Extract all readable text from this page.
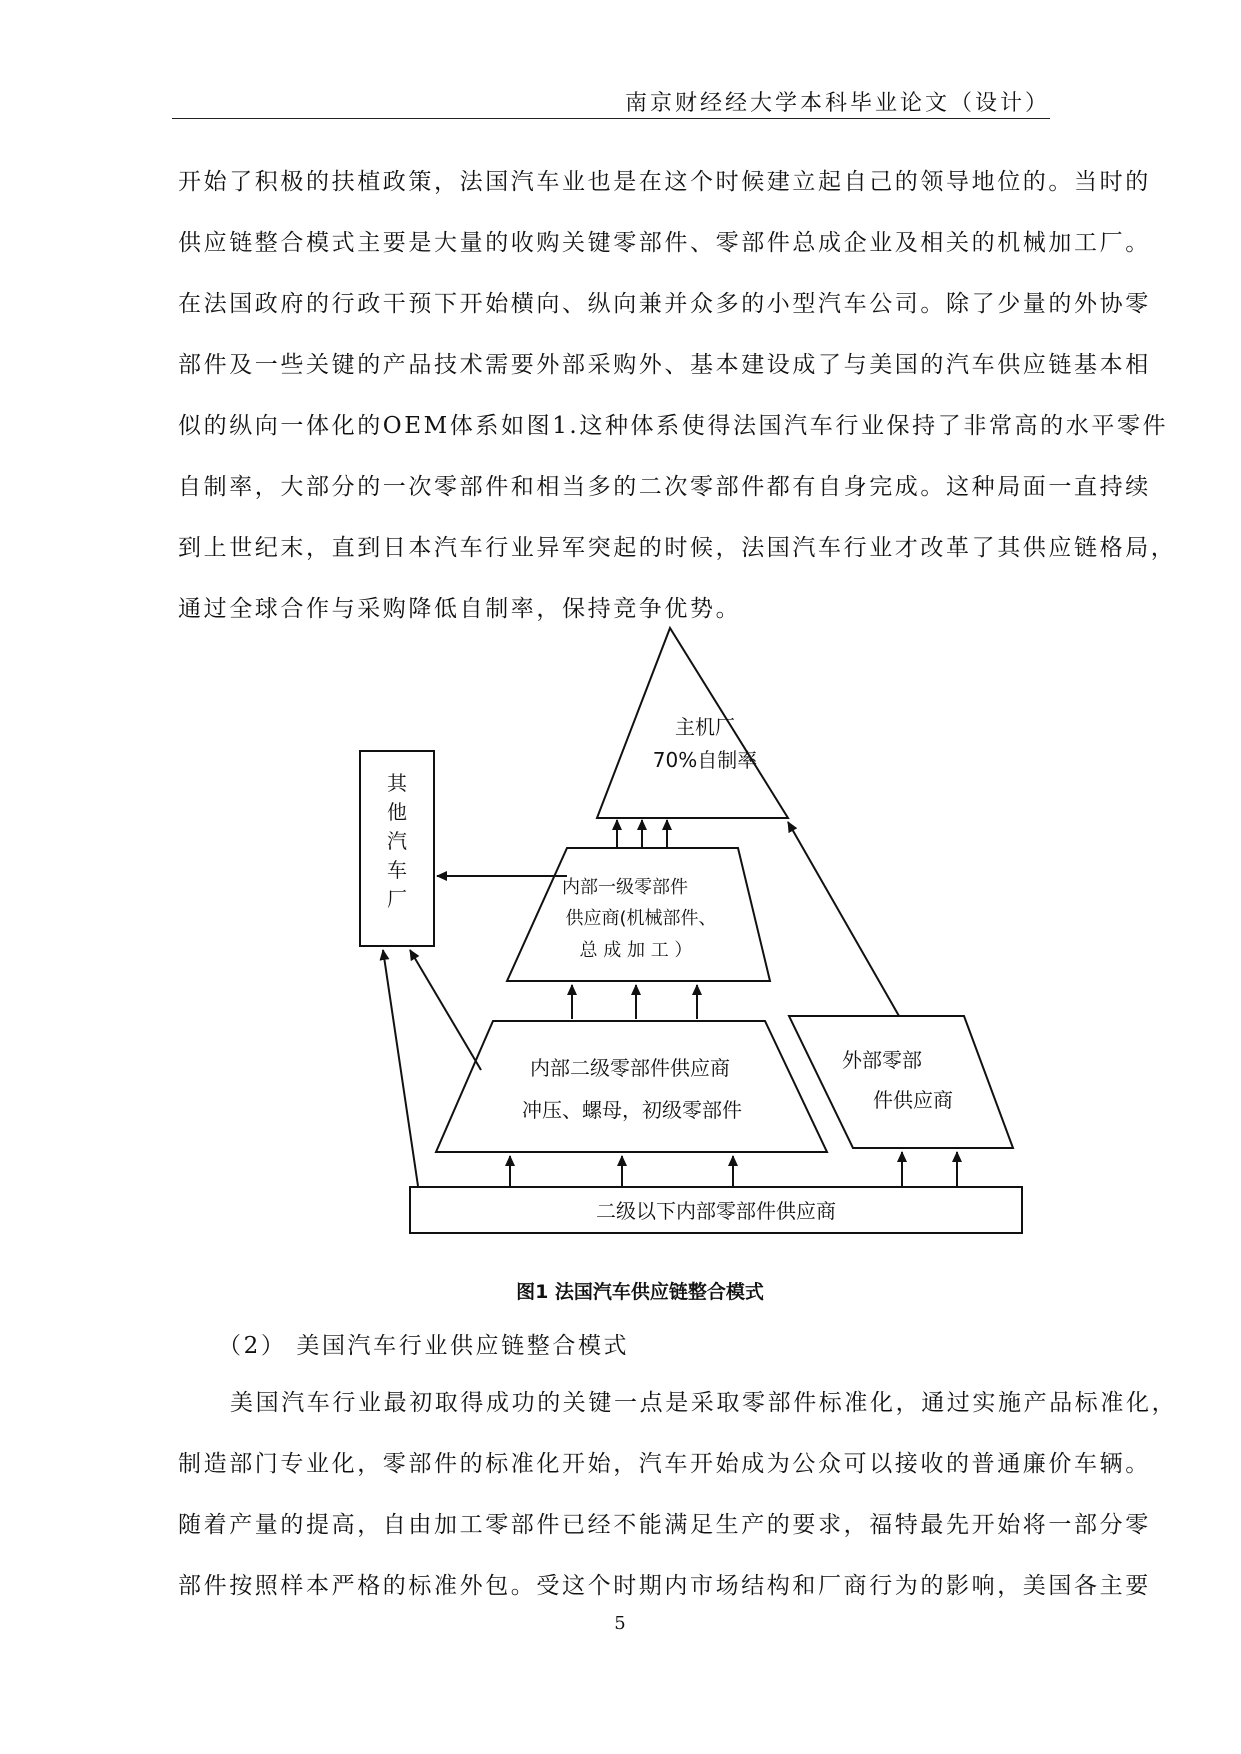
南京财经经大学本科毕业论文（设计）
开始了积极的扶植政策，法国汽车业也是在这个时候建立起自己的领导地位的。当时的
供应链整合模式主要是大量的收购关键零部件、零部件总成企业及相关的机械加工厂。
在法国政府的行政干预下开始横向、纵向兼并众多的小型汽车公司。除了少量的外协零
部件及一些关键的产品技术需要外部采购外、基本建设成了与美国的汽车供应链基本相
似的纵向一体化的OEM体系如图1.这种体系使得法国汽车行业保持了非常高的水平零件
自制率，大部分的一次零部件和相当多的二次零部件都有自身完成。这种局面一直持续
到上世纪末，直到日本汽车行业异军突起的时候，法国汽车行业才改革了其供应链格局，
通过全球合作与采购降低自制率，保持竞争优势。
主机厂
70%自制率
其
他
汽
车
厂	内部一级零部件
供应商(机械部件、
总 成 加 工 ）
内部二级零部件供应商
冲压、螺母，初级零部件
外部零部
件供应商
二级以下内部零部件供应商
图1 法国汽车供应链整合模式
（2） 美国汽车行业供应链整合模式
美国汽车行业最初取得成功的关键一点是采取零部件标准化，通过实施产品标准化，
制造部门专业化，零部件的标准化开始，汽车开始成为公众可以接收的普通廉价车辆。
随着产量的提高，自由加工零部件已经不能满足生产的要求，福特最先开始将一部分零
部件按照样本严格的标准外包。受这个时期内市场结构和厂商行为的影响，美国各主要
5
